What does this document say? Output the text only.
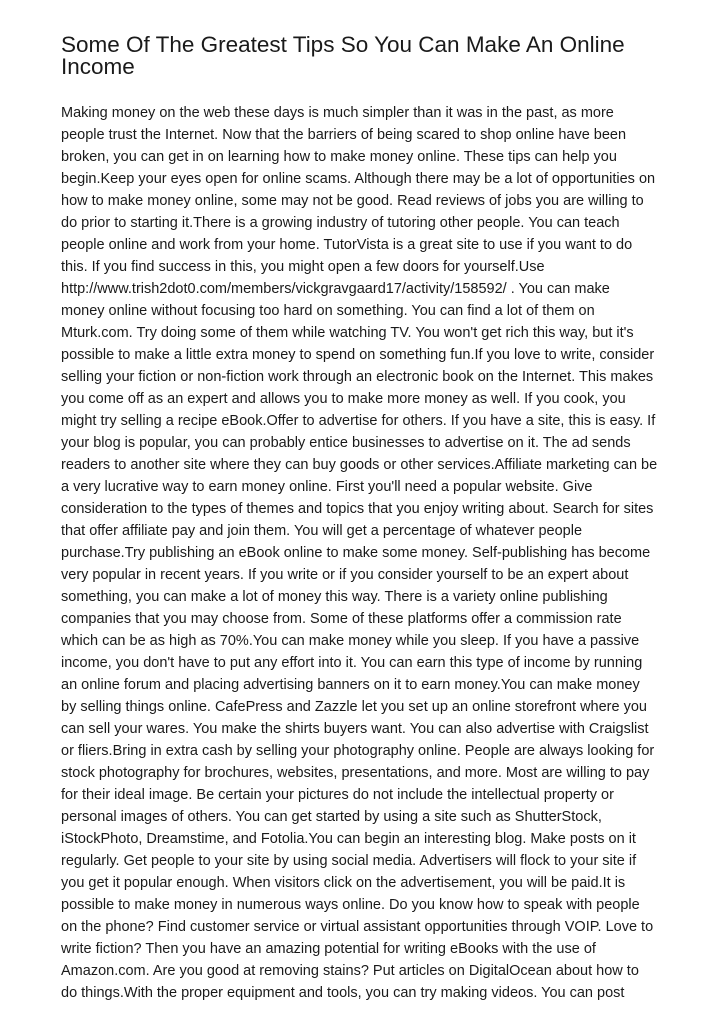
Some Of The Greatest Tips So You Can Make An Online
Income
Making money on the web these days is much simpler than it was in the past, as more
people trust the Internet. Now that the barriers of being scared to shop online have been
broken, you can get in on learning how to make money online. These tips can help you
begin.Keep your eyes open for online scams. Although there may be a lot of opportunities on
how to make money online, some may not be good. Read reviews of jobs you are willing to
do prior to starting it.There is a growing industry of tutoring other people. You can teach
people online and work from your home. TutorVista is a great site to use if you want to do
this. If you find success in this, you might open a few doors for yourself.Use
http://www.trish2dot0.com/members/vickgravgaard17/activity/158592/ . You can make
money online without focusing too hard on something. You can find a lot of them on
Mturk.com. Try doing some of them while watching TV. You won't get rich this way, but it's
possible to make a little extra money to spend on something fun.If you love to write, consider
selling your fiction or non-fiction work through an electronic book on the Internet. This makes
you come off as an expert and allows you to make more money as well. If you cook, you
might try selling a recipe eBook.Offer to advertise for others. If you have a site, this is easy. If
your blog is popular, you can probably entice businesses to advertise on it. The ad sends
readers to another site where they can buy goods or other services.Affiliate marketing can be
a very lucrative way to earn money online. First you'll need a popular website. Give
consideration to the types of themes and topics that you enjoy writing about. Search for sites
that offer affiliate pay and join them. You will get a percentage of whatever people
purchase.Try publishing an eBook online to make some money. Self-publishing has become
very popular in recent years. If you write or if you consider yourself to be an expert about
something, you can make a lot of money this way. There is a variety online publishing
companies that you may choose from. Some of these platforms offer a commission rate
which can be as high as 70%.You can make money while you sleep. If you have a passive
income, you don't have to put any effort into it. You can earn this type of income by running
an online forum and placing advertising banners on it to earn money.You can make money
by selling things online. CafePress and Zazzle let you set up an online storefront where you
can sell your wares. You make the shirts buyers want. You can also advertise with Craigslist
or fliers.Bring in extra cash by selling your photography online. People are always looking for
stock photography for brochures, websites, presentations, and more. Most are willing to pay
for their ideal image. Be certain your pictures do not include the intellectual property or
personal images of others. You can get started by using a site such as ShutterStock,
iStockPhoto, Dreamstime, and Fotolia.You can begin an interesting blog. Make posts on it
regularly. Get people to your site by using social media. Advertisers will flock to your site if
you get it popular enough. When visitors click on the advertisement, you will be paid.It is
possible to make money in numerous ways online. Do you know how to speak with people
on the phone? Find customer service or virtual assistant opportunities through VOIP. Love to
write fiction? Then you have an amazing potential for writing eBooks with the use of
Amazon.com. Are you good at removing stains? Put articles on DigitalOcean about how to
do things.With the proper equipment and tools, you can try making videos. You can post
